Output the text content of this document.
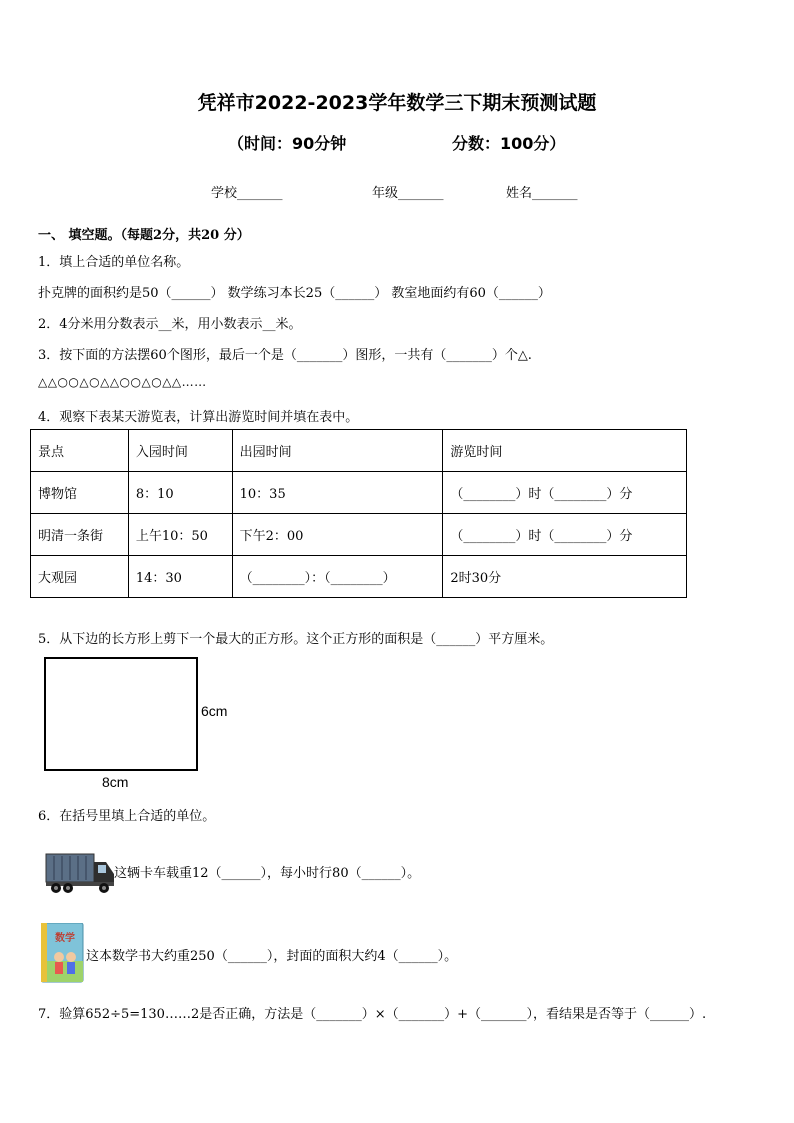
凭祥市2022-2023学年数学三下期末预测试题
（时间：90分钟	分数：100分）
学校_______	年级_______	姓名_______
一、 填空题。（每题2分，共20 分）
1．填上合适的单位名称。
扑克牌的面积约是50（______） 数学练习本长25（______） 教室地面约有60（______）
2．4分米用分数表示__米，用小数表示__米。
3．按下面的方法摆60个图形，最后一个是（_______）图形，一共有（_______）个△.
△△○○△○△△○○△○△△……
4．观察下表某天游览表，计算出游览时间并填在表中。
景点	入园时间	出园时间	游览时间
博物馆	8：10	10：35	（________）时（________）分
明清一条街	上午10：50	下午2：00	（________）时（________）分
大观园	14：30	（________）：（________）	2时30分
5．从下边的长方形上剪下一个最大的正方形。这个正方形的面积是（______）平方厘米。
6cm
8cm
6．在括号里填上合适的单位。
这辆卡车载重12（______），每小时行80（______）。
数学
这本数学书大约重250（______），封面的面积大约4（______）。
7．验算652÷5=130……2是否正确，方法是（_______）×（_______）+（_______），看结果是否等于（______）.
